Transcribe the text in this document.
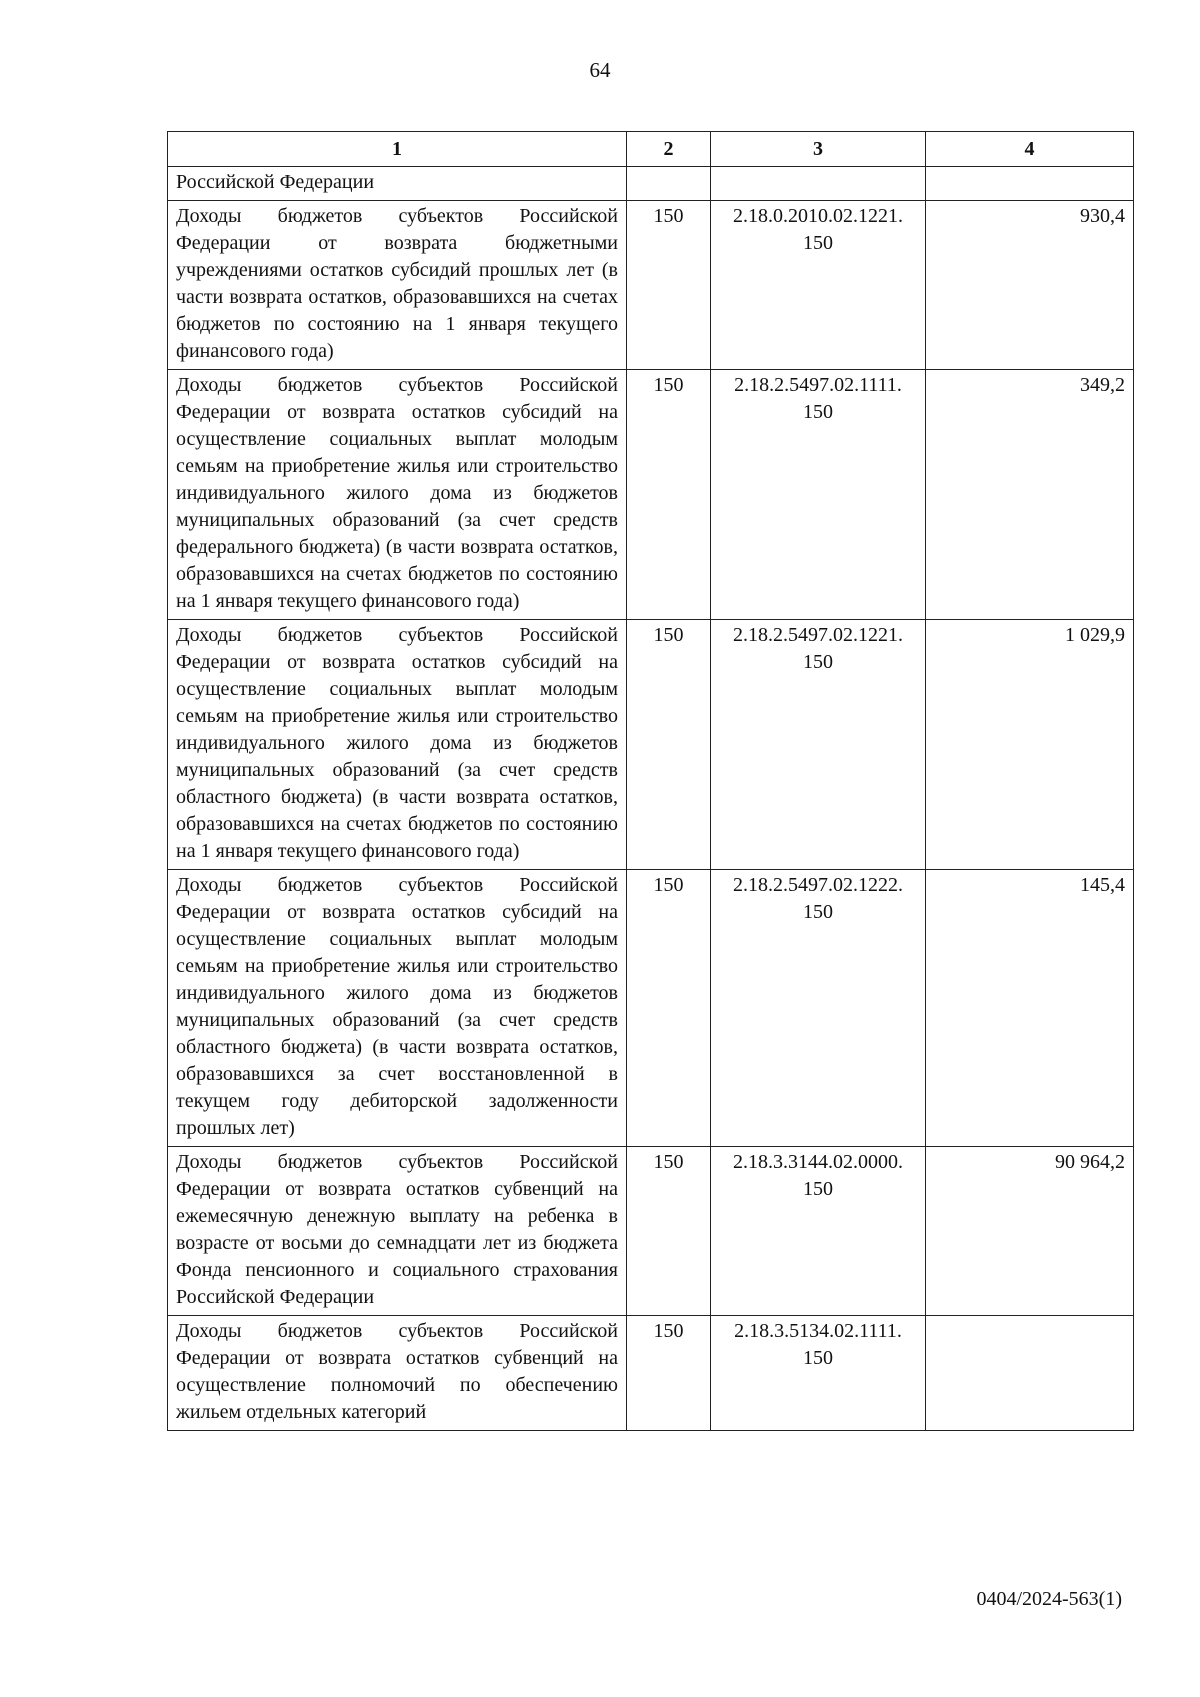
64
1	2	3	4
Российской Федерации			
Доходы бюджетов субъектов Российской Федерации от возврата бюджетными учреждениями остатков субсидий прошлых лет (в части возврата остатков, образовавшихся на счетах бюджетов по состоянию на 1 января текущего финансового года)	150	2.18.0.2010.02.1221. 150	930,4
Доходы бюджетов субъектов Российской Федерации от возврата остатков субсидий на осуществление социальных выплат молодым семьям на приобретение жилья или строительство индивидуального жилого дома из бюджетов муниципальных образований (за счет средств федерального бюджета) (в части возврата остатков, образовавшихся на счетах бюджетов по состоянию на 1 января текущего финансового года)	150	2.18.2.5497.02.1111. 150	349,2
Доходы бюджетов субъектов Российской Федерации от возврата остатков субсидий на осуществление социальных выплат молодым семьям на приобретение жилья или строительство индивидуального жилого дома из бюджетов муниципальных образований (за счет средств областного бюджета) (в части возврата остатков, образовавшихся на счетах бюджетов по состоянию на 1 января текущего финансового года)	150	2.18.2.5497.02.1221. 150	1 029,9
Доходы бюджетов субъектов Российской Федерации от возврата остатков субсидий на осуществление социальных выплат молодым семьям на приобретение жилья или строительство индивидуального жилого дома из бюджетов муниципальных образований (за счет средств областного бюджета) (в части возврата остатков, образовавшихся за счет восстановленной в текущем году дебиторской задолженности прошлых лет)	150	2.18.2.5497.02.1222. 150	145,4
Доходы бюджетов субъектов Российской Федерации от возврата остатков субвенций на ежемесячную денежную выплату на ребенка в возрасте от восьми до семнадцати лет из бюджета Фонда пенсионного и социального страхования Российской Федерации	150	2.18.3.3144.02.0000. 150	90 964,2
Доходы бюджетов субъектов Российской Федерации от возврата остатков субвенций на осуществление полномочий по обеспечению жильем отдельных категорий	150	2.18.3.5134.02.1111. 150	
0404/2024-563(1)
